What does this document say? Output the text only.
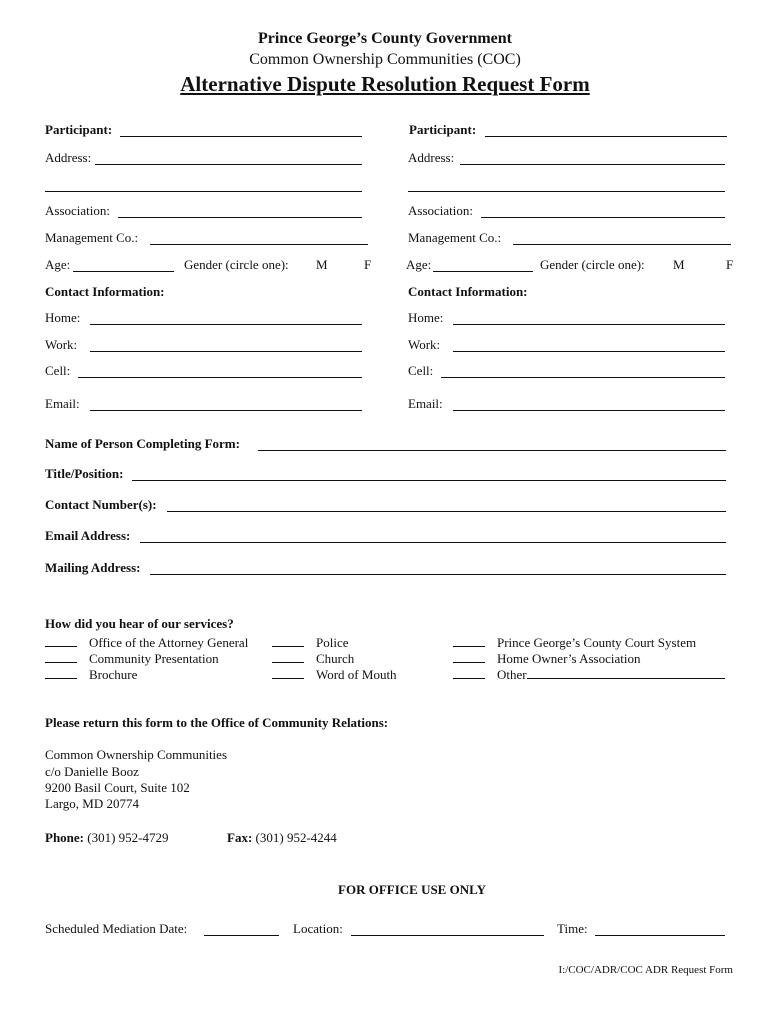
Prince George’s County Government
Common Ownership Communities (COC)
Alternative Dispute Resolution Request Form
Participant:
Address:
Association:
Management Co.:
Age:	Gender (circle one): M	F
Contact Information:
Home:
Work:
Cell:
Email:
Participant:
Address:
Association:
Management Co.:
Age:	Gender (circle one): M	F
Contact Information:
Home:
Work:
Cell:
Email:
Name of Person Completing Form:
Title/Position:
Contact Number(s):
Email Address:
Mailing Address:
How did you hear of our services?
Office of the Attorney General
Community Presentation
Brochure
Police
Church
Word of Mouth
Prince George’s County Court System
Home Owner’s Association
Other
Please return this form to the Office of Community Relations:
Common Ownership Communities
c/o Danielle Booz
9200 Basil Court, Suite 102
Largo, MD 20774
Phone: (301) 952-4729	Fax: (301) 952-4244
FOR OFFICE USE ONLY
Scheduled Mediation Date:	Location:	Time:
I:/COC/ADR/COC ADR Request Form
